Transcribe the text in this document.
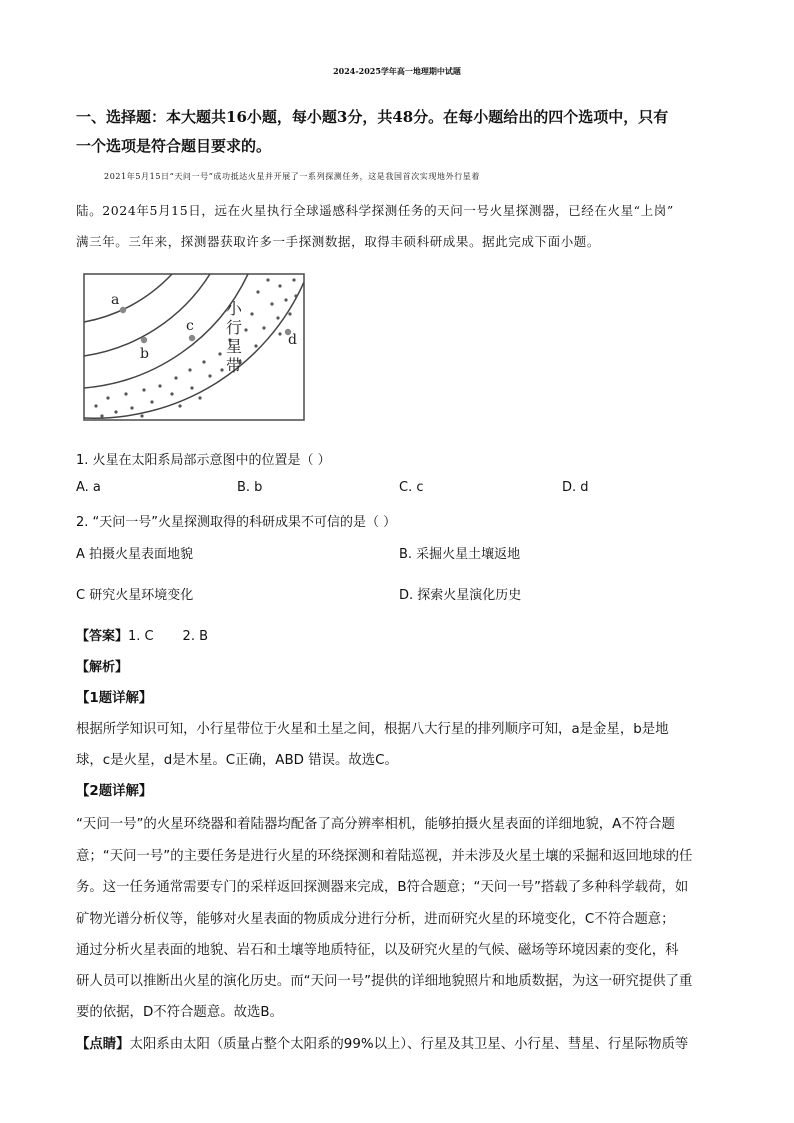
2024-2025学年高一地理期中试题
一、选择题：本大题共16小题，每小题3分，共48分。在每小题给出的四个选项中，只有
一个选项是符合题目要求的。
2021年5月15日“天问一号”成功抵达火星并开展了一系列探测任务，这是我国首次实现地外行星着
陆。2024年5月15日，远在火星执行全球遥感科学探测任务的天问一号火星探测器，已经在火星“上岗”
满三年。三年来，探测器获取许多一手探测数据，取得丰硕科研成果。据此完成下面小题。
a
b
c
d
小
行
星
带
1. 火星在太阳系局部示意图中的位置是（ ）
A. a	B. b	C. c	D. d
2. “天问一号”火星探测取得的科研成果不可信的是（ ）
A 拍摄火星表面地貌	B. 采掘火星土壤返地
C 研究火星环境变化	D. 探索火星演化历史
【答案】1. C       2. B
【解析】
【1题详解】
根据所学知识可知，小行星带位于火星和土星之间，根据八大行星的排列顺序可知，a是金星，b是地
球，c是火星，d是木星。C正确，ABD 错误。故选C。
【2题详解】
“天问一号”的火星环绕器和着陆器均配备了高分辨率相机，能够拍摄火星表面的详细地貌，A不符合题
意；“天问一号”的主要任务是进行火星的环绕探测和着陆巡视，并未涉及火星土壤的采掘和返回地球的任
务。这一任务通常需要专门的采样返回探测器来完成，B符合题意；“天问一号”搭载了多种科学载荷，如
矿物光谱分析仪等，能够对火星表面的物质成分进行分析，进而研究火星的环境变化，C不符合题意；
通过分析火星表面的地貌、岩石和土壤等地质特征，以及研究火星的气候、磁场等环境因素的变化，科
研人员可以推断出火星的演化历史。而“天问一号”提供的详细地貌照片和地质数据，为这一研究提供了重
要的依据，D不符合题意。故选B。
【点睛】太阳系由太阳（质量占整个太阳系的99%以上）、行星及其卫星、小行星、彗星、行星际物质等
